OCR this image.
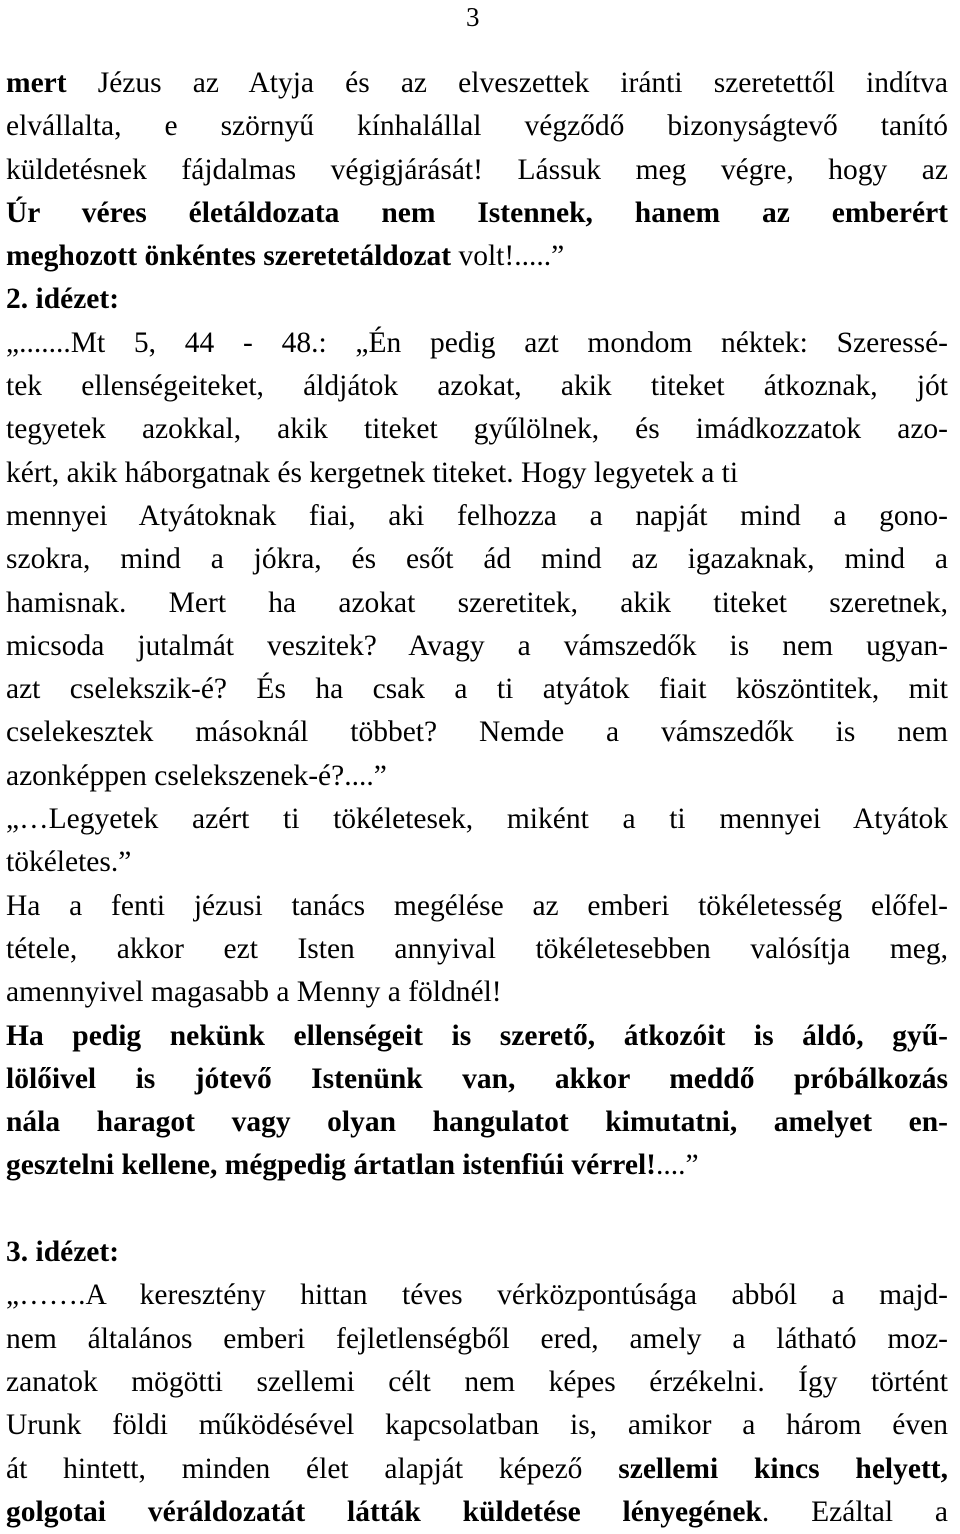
3
mert Jézus az Atyja és az elveszettek iránti szeretettől indítva
elvállalta, e szörnyű kínhalállal végződő bizonyságtevő tanító
küldetésnek fájdalmas végigjárását! Lássuk meg végre, hogy az
Úr véres életáldozata nem Istennek, hanem az emberért
meghozott önkéntes szeretetáldozat volt!.....”
2. idézet:
„.......Mt 5, 44 - 48.: „Én pedig azt mondom néktek: Szeressé-
tek ellenségeiteket, áldjátok azokat, akik titeket átkoznak, jót
tegyetek azokkal, akik titeket gyűlölnek, és imádkozzatok azo-
kért, akik háborgatnak és kergetnek titeket. Hogy legyetek a ti
mennyei Atyátoknak fiai, aki felhozza a napját mind a gono-
szokra, mind a jókra, és esőt ád mind az igazaknak, mind a
hamisnak. Mert ha azokat szeretitek, akik titeket szeretnek,
micsoda jutalmát veszitek? Avagy a vámszedők is nem ugyan-
azt cselekszik-é? És ha csak a ti atyátok fiait köszöntitek, mit
cselekesztek másoknál többet? Nemde a vámszedők is nem
azonképpen cselekszenek-é?....”
„…Legyetek azért ti tökéletesek, miként a ti mennyei Atyátok
tökéletes.”
Ha a fenti jézusi tanács megélése az emberi tökéletesség előfel-
tétele, akkor ezt Isten annyival tökéletesebben valósítja meg,
amennyivel magasabb a Menny a földnél!
Ha pedig nekünk ellenségeit is szerető, átkozóit is áldó, gyű-
lölőivel is jótevő Istenünk van, akkor meddő próbálkozás
nála haragot vagy olyan hangulatot kimutatni, amelyet en-
gesztelni kellene, mégpedig ártatlan istenfiúi vérrel!....”
3. idézet:
„…….A keresztény hittan téves vérközpontúsága abból a majd-
nem általános emberi fejletlenségből ered, amely a látható moz-
zanatok mögötti szellemi célt nem képes érzékelni. Így történt
Urunk földi működésével kapcsolatban is, amikor a három éven
át hintett, minden élet alapját képező szellemi kincs helyett,
golgotai véráldozatát látták küldetése lényegének. Ezáltal a
